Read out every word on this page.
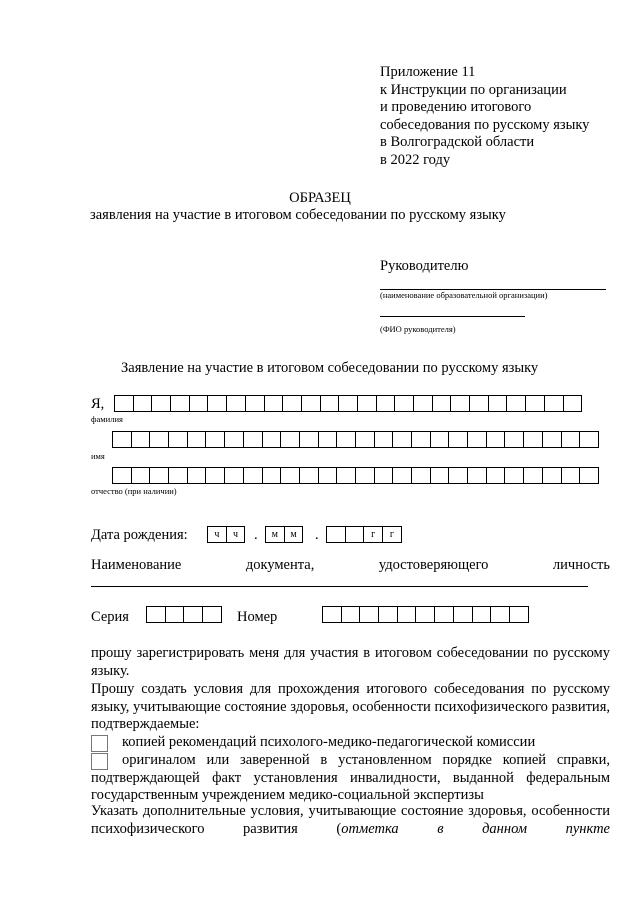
Приложение 11
к Инструкции по организации
и проведению итогового
собеседования по русскому языку
в Волгоградской области
в 2022 году
ОБРАЗЕЦ
заявления на участие в итоговом собеседовании по русскому языку
Руководителю
(наименование образовательной организации)
(ФИО руководителя)
Заявление на участие в итоговом собеседовании по русскому языку
Я,
фамилия
имя
отчество (при наличии)
Дата рождения:	ч	ч	.	м	м	.	г	г
Наименование	документа,	удостоверяющего	личность
Серия	Номер
прошу зарегистрировать меня для участия в итоговом собеседовании по русскому языку.
Прошу создать условия для прохождения итогового собеседования по русскому языку, учитывающие состояние здоровья, особенности психофизического развития, подтверждаемые:
копией рекомендаций психолого-медико-педагогической комиссии
оригиналом или заверенной в установленном порядке копией справки, подтверждающей факт установления инвалидности, выданной федеральным государственным учреждением медико-социальной экспертизы
Указать дополнительные условия, учитывающие состояние здоровья, особенности психофизического развития (отметка в данном пункте
